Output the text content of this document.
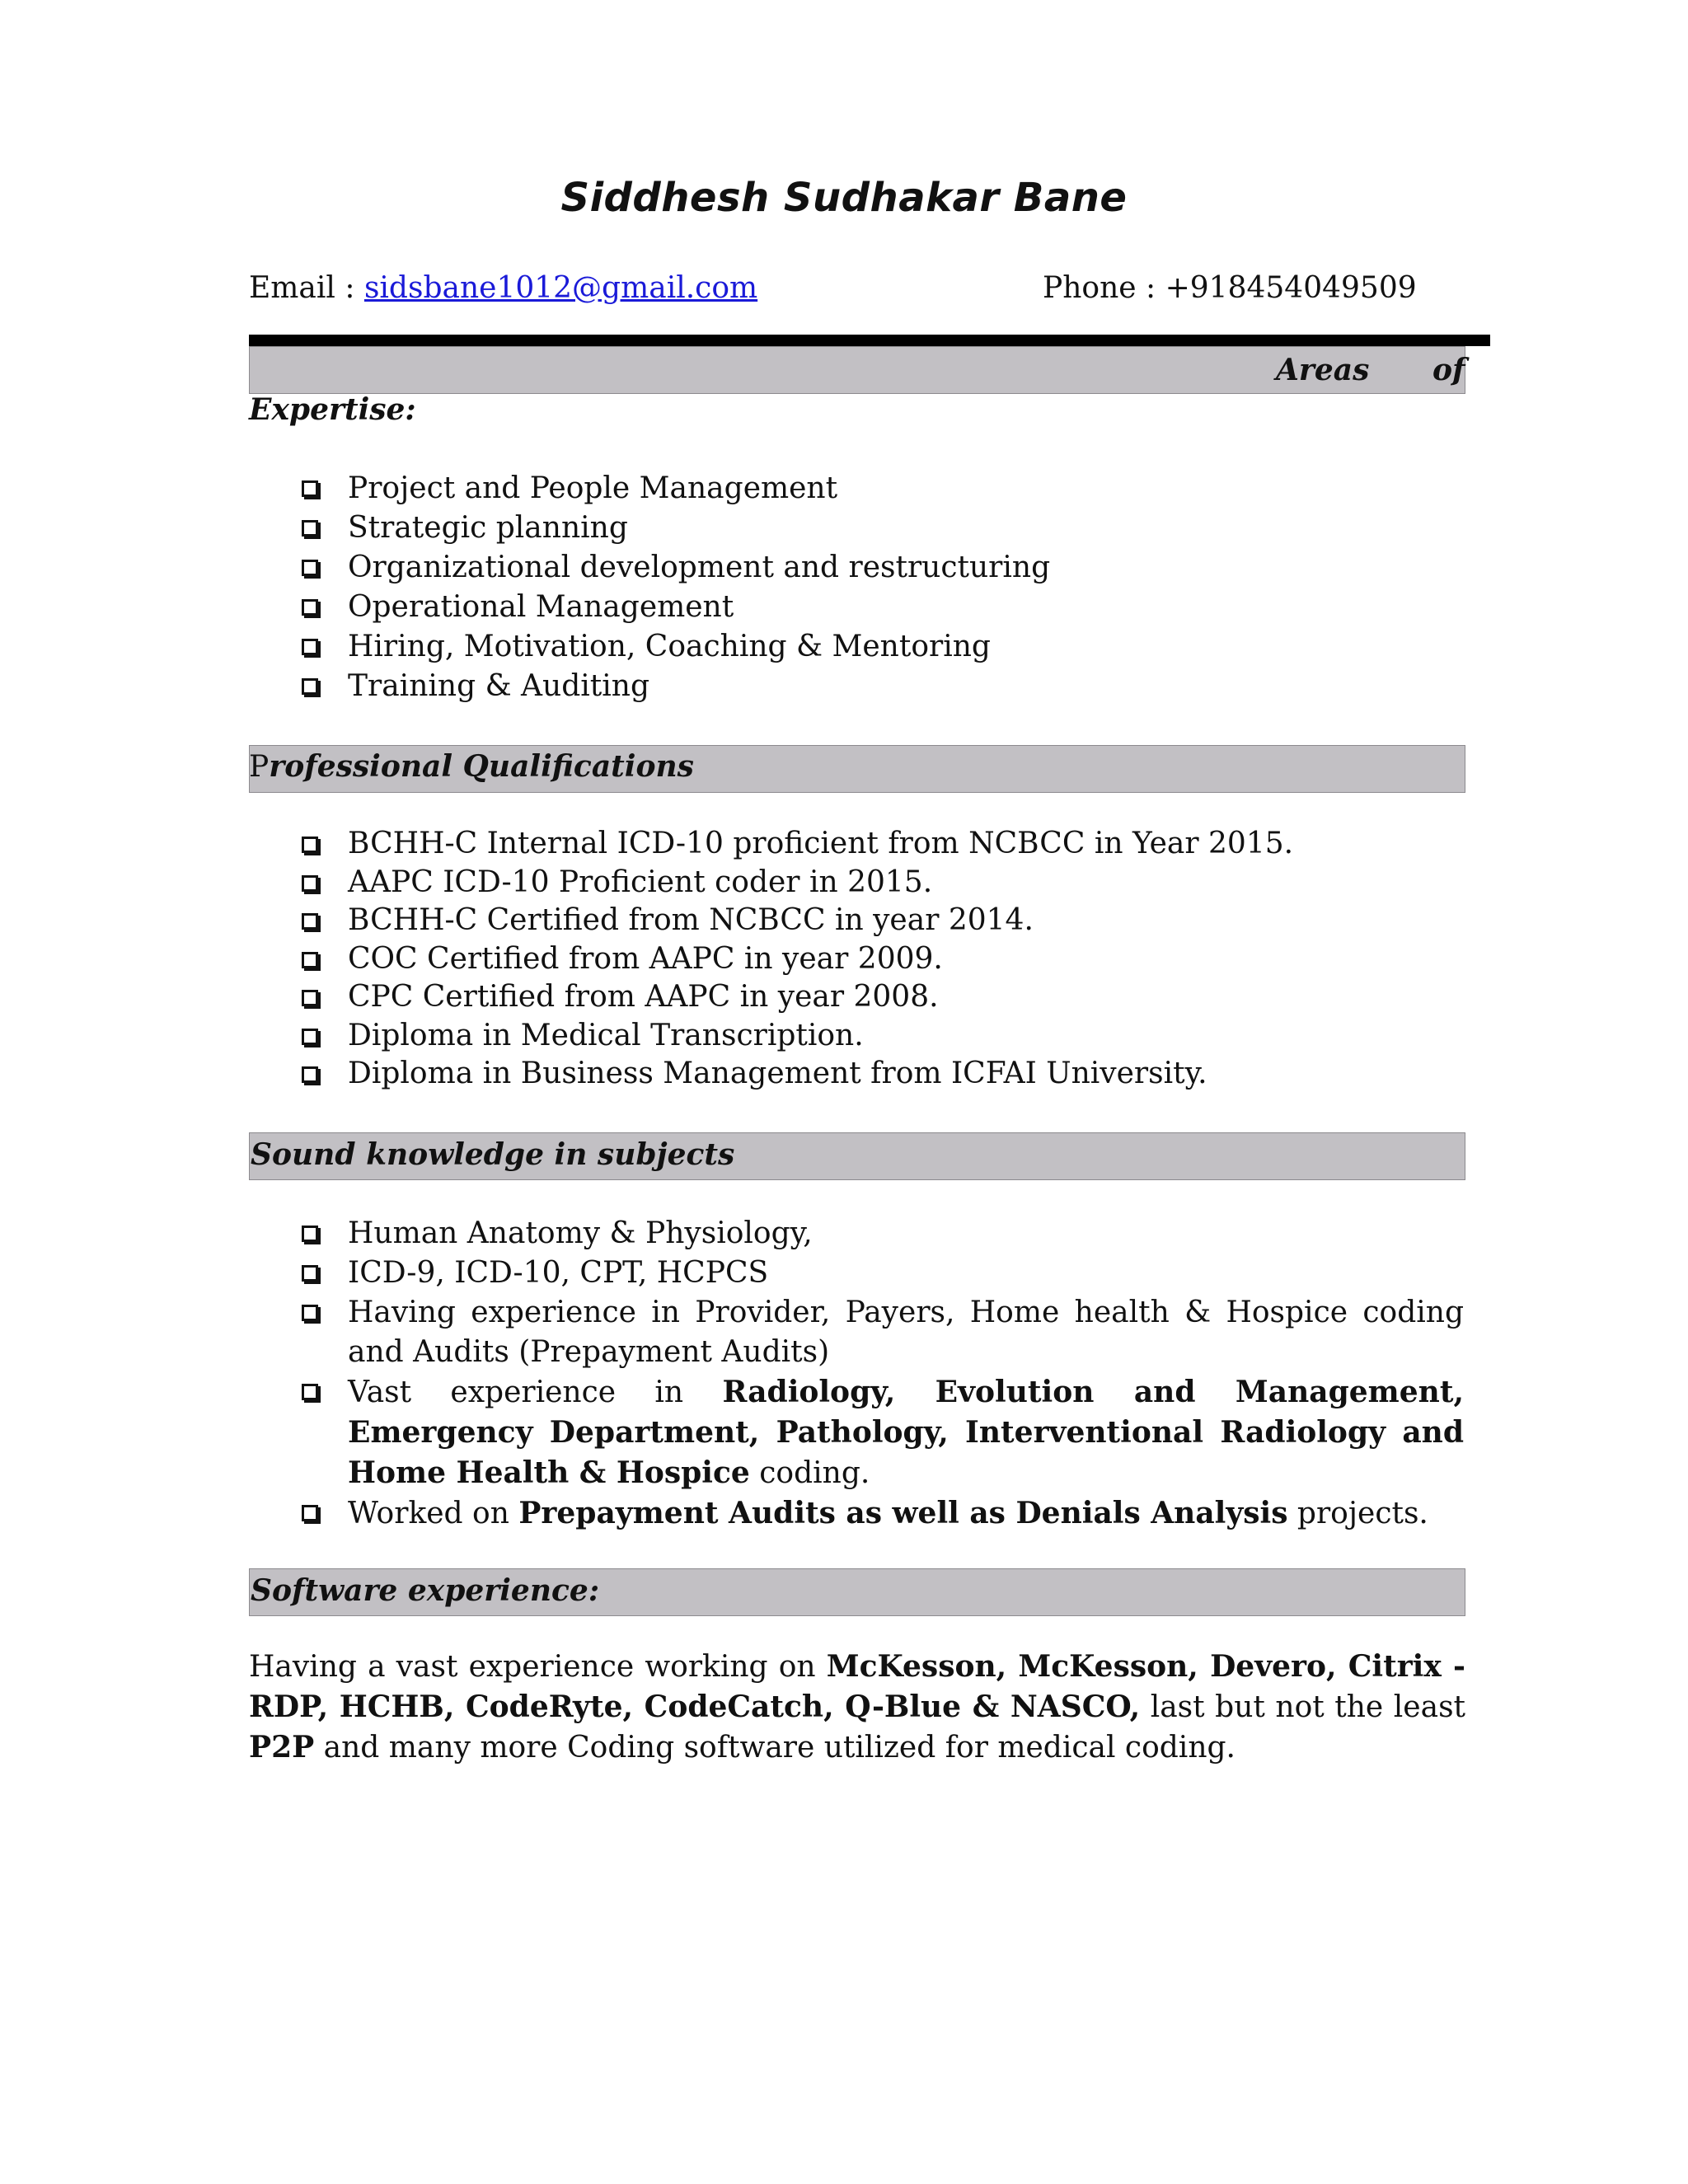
Siddhesh Sudhakar Bane
Email : sidsbane1012@gmail.com	Phone : +918454049509
Areas of
Expertise:
Project and People Management
Strategic planning
Organizational development and restructuring
Operational Management
Hiring, Motivation, Coaching & Mentoring
Training & Auditing
Professional Qualifications
BCHH-C Internal ICD-10 proficient from NCBCC in Year 2015.
AAPC ICD-10 Proficient coder in 2015.
BCHH-C Certified from NCBCC in year 2014.
COC Certified from AAPC in year 2009.
CPC Certified from AAPC in year 2008.
Diploma in Medical Transcription.
Diploma in Business Management from ICFAI University.
Sound knowledge in subjects
Human Anatomy & Physiology,
ICD-9, ICD-10, CPT, HCPCS
Having experience in Provider, Payers, Home health & Hospice coding and Audits (Prepayment Audits)
Vast experience in Radiology, Evolution and Management, Emergency Department, Pathology, Interventional Radiology and Home Health & Hospice coding.
Worked on Prepayment Audits as well as Denials Analysis projects.
Software experience:

Having a vast experience working on McKesson, McKesson, Devero, Citrix - RDP, HCHB, CodeRyte, CodeCatch, Q-Blue & NASCO, last but not the least P2P and many more Coding software utilized for medical coding.
